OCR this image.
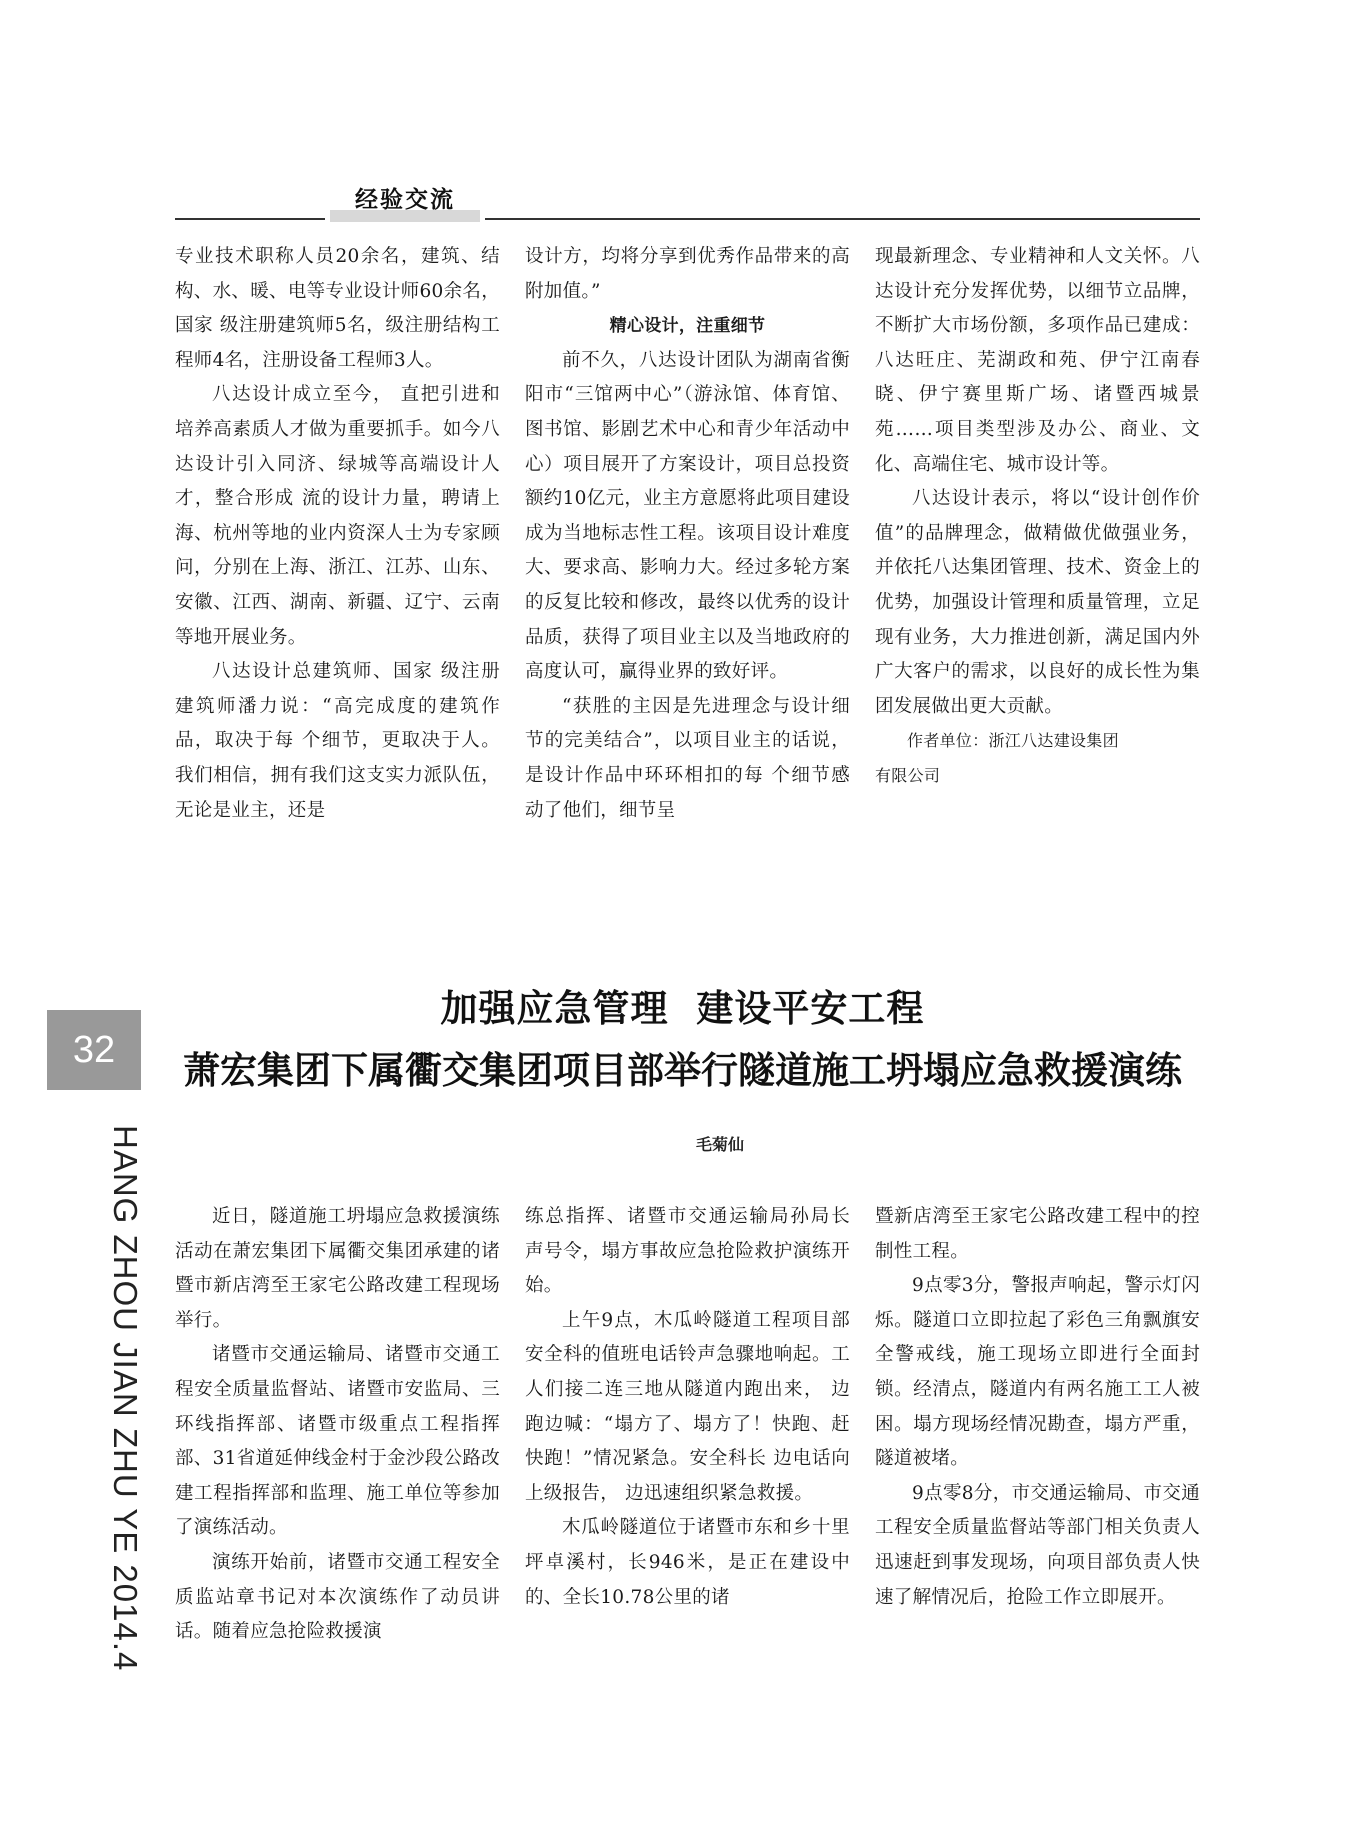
经验交流

专业技术职称人员20余名，建筑、结构、水、暖、电等专业设计师60余名，国家 级注册建筑师5名，级注册结构工程师4名，注册设备工程师3人。

八达设计成立至今， 直把引进和培养高素质人才做为重要抓手。如今八达设计引入同济、绿城等高端设计人才，整合形成 流的设计力量，聘请上海、杭州等地的业内资深人士为专家顾问，分别在上海、浙江、江苏、山东、安徽、江西、湖南、新疆、辽宁、云南等地开展业务。

八达设计总建筑师、国家 级注册建筑师潘力说：“高完成度的建筑作品，取决于每 个细节，更取决于人。我们相信，拥有我们这支实力派队伍，无论是业主，还是

设计方，均将分享到优秀作品带来的高附加值。”

精心设计，注重细节

前不久，八达设计团队为湖南省衡阳市“三馆两中心”（游泳馆、体育馆、图书馆、影剧艺术中心和青少年活动中心）项目展开了方案设计，项目总投资额约10亿元，业主方意愿将此项目建设成为当地标志性工程。该项目设计难度大、要求高、影响力大。经过多轮方案的反复比较和修改，最终以优秀的设计品质，获得了项目业主以及当地政府的高度认可，赢得业界的致好评。

“获胜的主因是先进理念与设计细节的完美结合”，以项目业主的话说，是设计作品中环环相扣的每 个细节感动了他们，细节呈

现最新理念、专业精神和人文关怀。八达设计充分发挥优势，以细节立品牌，不断扩大市场份额，多项作品已建成：八达旺庄、芜湖政和苑、伊宁江南春晓、伊宁赛里斯广场、诸暨西城景苑……项目类型涉及办公、商业、文化、高端住宅、城市设计等。

八达设计表示，将以“设计创作价值”的品牌理念，做精做优做强业务， 并依托八达集团管理、技术、资金上的优势，加强设计管理和质量管理，立足现有业务，大力推进创新，满足国内外广大客户的需求，以良好的成长性为集团发展做出更大贡献。

作者单位：浙江八达建设集团

有限公司

32
HANG ZHOU JIAN ZHU YE 2014.4
加强应急管理 建设平安工程
萧宏集团下属衢交集团项目部举行隧道施工坍塌应急救援演练
毛菊仙

近日，隧道施工坍塌应急救援演练活动在萧宏集团下属衢交集团承建的诸暨市新店湾至王家宅公路改建工程现场举行。

诸暨市交通运输局、诸暨市交通工程安全质量监督站、诸暨市安监局、三环线指挥部、诸暨市级重点工程指挥部、31省道延伸线金村于金沙段公路改建工程指挥部和监理、施工单位等参加了演练活动。

演练开始前，诸暨市交通工程安全质监站章书记对本次演练作了动员讲话。随着应急抢险救援演

练总指挥、诸暨市交通运输局孙局长 声号令，塌方事故应急抢险救护演练开始。

上午9点，木瓜岭隧道工程项目部安全科的值班电话铃声急骤地响起。工人们接二连三地从隧道内跑出来， 边跑边喊：“塌方了、塌方了！快跑、赶快跑！”情况紧急。安全科长 边电话向上级报告， 边迅速组织紧急救援。

木瓜岭隧道位于诸暨市东和乡十里坪卓溪村，长946米，是正在建设中的、全长10.78公里的诸

暨新店湾至王家宅公路改建工程中的控制性工程。

9点零3分，警报声响起，警示灯闪烁。隧道口立即拉起了彩色三角飘旗安全警戒线，施工现场立即进行全面封锁。经清点，隧道内有两名施工工人被困。塌方现场经情况勘查，塌方严重，隧道被堵。

9点零8分，市交通运输局、市交通工程安全质量监督站等部门相关负责人迅速赶到事发现场，向项目部负责人快速了解情况后，抢险工作立即展开。
